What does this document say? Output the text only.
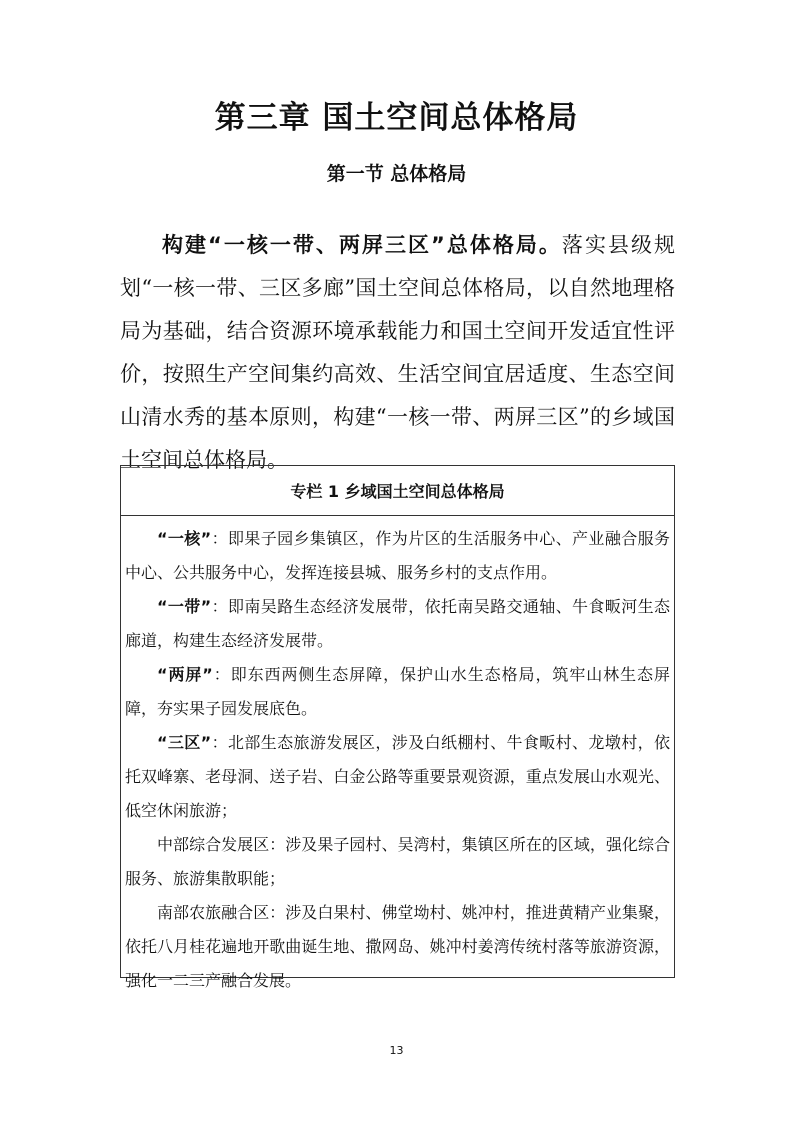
第三章 国土空间总体格局
第一节 总体格局

构建“一核一带、两屏三区”总体格局。落实县级规划“一核一带、三区多廊”国土空间总体格局，以自然地理格局为基础，结合资源环境承载能力和国土空间开发适宜性评价，按照生产空间集约高效、生活空间宜居适度、生态空间山清水秀的基本原则，构建“一核一带、两屏三区”的乡域国土空间总体格局。

专栏 1 乡域国土空间总体格局

“一核”：即果子园乡集镇区，作为片区的生活服务中心、产业融合服务中心、公共服务中心，发挥连接县城、服务乡村的支点作用。

“一带”：即南吴路生态经济发展带，依托南吴路交通轴、牛食畈河生态廊道，构建生态经济发展带。

“两屏”：即东西两侧生态屏障，保护山水生态格局，筑牢山林生态屏障，夯实果子园发展底色。

“三区”：北部生态旅游发展区，涉及白纸棚村、牛食畈村、龙墩村，依托双峰寨、老母洞、送子岩、白金公路等重要景观资源，重点发展山水观光、低空休闲旅游；

中部综合发展区：涉及果子园村、吴湾村，集镇区所在的区域，强化综合服务、旅游集散职能；

南部农旅融合区：涉及白果村、佛堂坳村、姚冲村，推进黄精产业集聚，依托八月桂花遍地开歌曲诞生地、撒网岛、姚冲村姜湾传统村落等旅游资源，强化一二三产融合发展。

13
